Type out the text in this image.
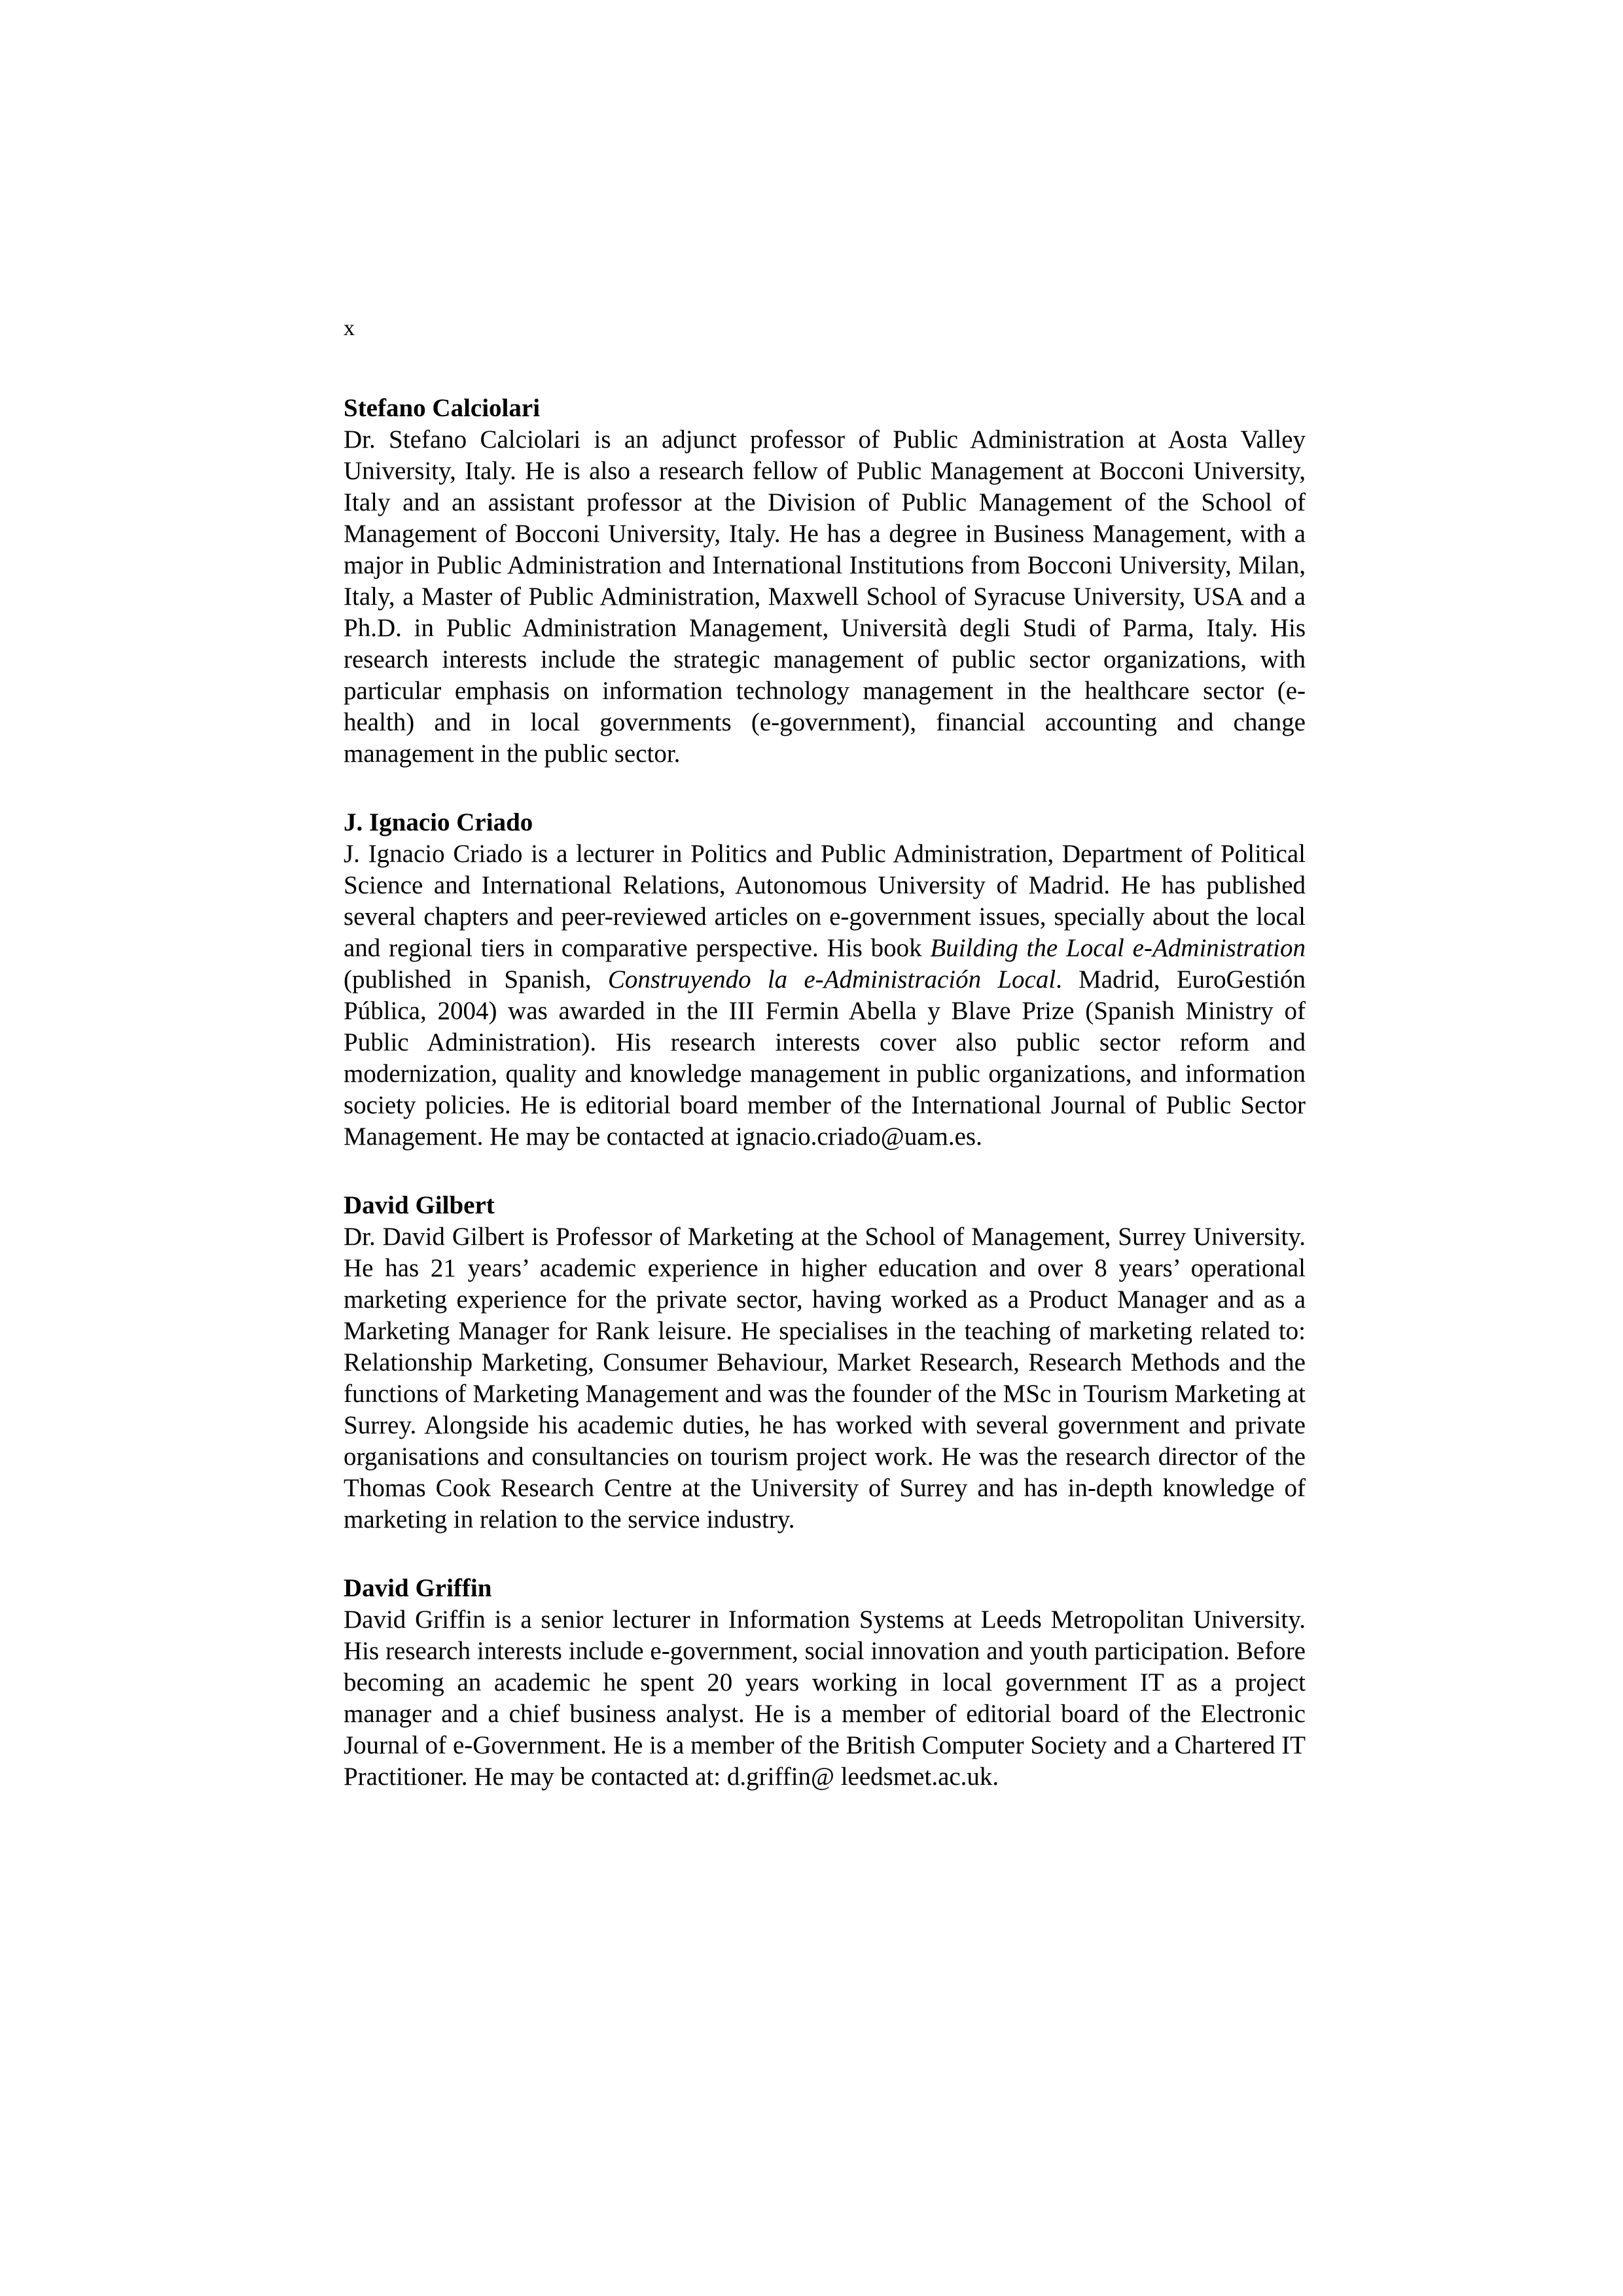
x

Stefano Calciolari

Dr. Stefano Calciolari is an adjunct professor of Public Administration at Aosta Valley University, Italy. He is also a research fellow of Public Management at Bocconi University, Italy and an assistant professor at the Division of Public Management of the School of Management of Bocconi University, Italy. He has a degree in Business Management, with a major in Public Administration and International Institutions from Bocconi University, Milan, Italy, a Master of Public Administration, Maxwell School of Syracuse University, USA and a Ph.D. in Public Administration Management, Università degli Studi of Parma, Italy. His research interests include the strategic management of public sector organizations, with particular emphasis on information technology management in the healthcare sector (e-health) and in local governments (e-government), financial accounting and change management in the public sector.

J. Ignacio Criado

J. Ignacio Criado is a lecturer in Politics and Public Administration, Department of Political Science and International Relations, Autonomous University of Madrid. He has published several chapters and peer-reviewed articles on e-government issues, specially about the local and regional tiers in comparative perspective. His book Building the Local e-Administration (published in Spanish, Construyendo la e-Administración Local. Madrid, EuroGestión Pública, 2004) was awarded in the III Fermin Abella y Blave Prize (Spanish Ministry of Public Administration). His research interests cover also public sector reform and modernization, quality and knowledge management in public organizations, and information society policies. He is editorial board member of the International Journal of Public Sector Management. He may be contacted at ignacio.criado@uam.es.

David Gilbert

Dr. David Gilbert is Professor of Marketing at the School of Management, Surrey University. He has 21 years’ academic experience in higher education and over 8 years’ operational marketing experience for the private sector, having worked as a Product Manager and as a Marketing Manager for Rank leisure. He specialises in the teaching of marketing related to: Relationship Marketing, Consumer Behaviour, Market Research, Research Methods and the functions of Marketing Management and was the founder of the MSc in Tourism Marketing at Surrey. Alongside his academic duties, he has worked with several government and private organisations and consultancies on tourism project work. He was the research director of the Thomas Cook Research Centre at the University of Surrey and has in-depth knowledge of marketing in relation to the service industry.

David Griffin

David Griffin is a senior lecturer in Information Systems at Leeds Metropolitan University. His research interests include e-government, social innovation and youth participation. Before becoming an academic he spent 20 years working in local government IT as a project manager and a chief business analyst. He is a member of editorial board of the Electronic Journal of e-Government. He is a member of the British Computer Society and a Chartered IT Practitioner. He may be contacted at: d.griffin@ leedsmet.ac.uk.
